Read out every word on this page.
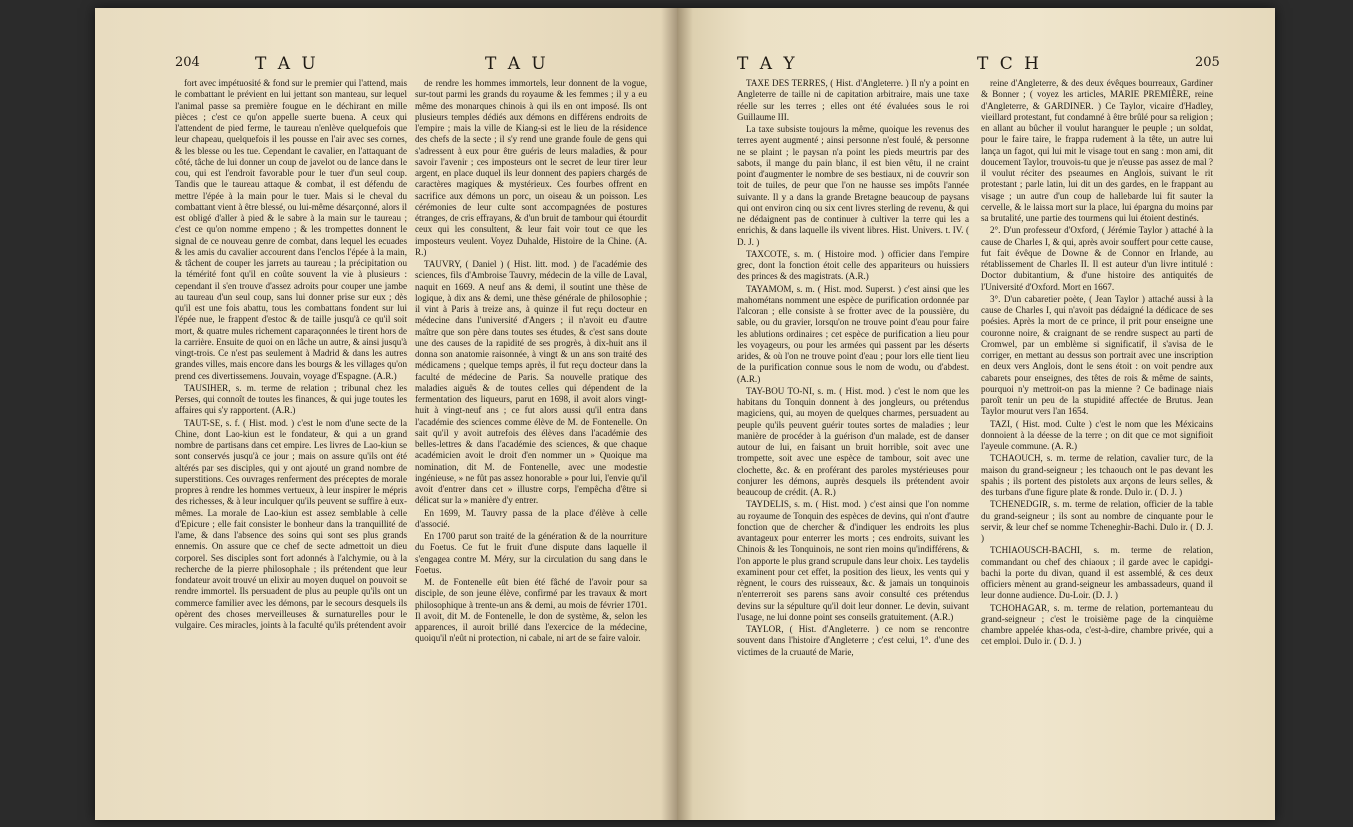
204	T A U	T A U

fort avec impétuosité & fond sur le premier qui l'attend, mais le combattant le prévient en lui jettant son manteau, sur lequel l'animal passe sa première fougue en le déchirant en mille pièces ; c'est ce qu'on appelle suerte buena. A ceux qui l'attendent de pied ferme, le taureau n'enlève quelquefois que leur chapeau, quelquefois il les pousse en l'air avec ses cornes, & les blesse ou les tue. Cependant le cavalier, en l'attaquant de côté, tâche de lui donner un coup de javelot ou de lance dans le cou, qui est l'endroit favorable pour le tuer d'un seul coup. Tandis que le taureau attaque & combat, il est défendu de mettre l'épée à la main pour le tuer. Mais si le cheval du combattant vient à être blessé, ou lui-même désarçonné, alors il est obligé d'aller à pied & le sabre à la main sur le taureau ; c'est ce qu'on nomme empeno ; & les trompettes donnent le signal de ce nouveau genre de combat, dans lequel les ecuades & les amis du cavalier accourent dans l'enclos l'épée à la main, & tâchent de couper les jarrets au taureau ; la précipitation ou la témérité font qu'il en coûte souvent la vie à plusieurs : cependant il s'en trouve d'assez adroits pour couper une jambe au taureau d'un seul coup, sans lui donner prise sur eux ; dès qu'il est une fois abattu, tous les combattans fondent sur lui l'épée nue, le frappent d'estoc & de taille jusqu'à ce qu'il soit mort, & quatre mules richement caparaçonnées le tirent hors de la carrière. Ensuite de quoi on en lâche un autre, & ainsi jusqu'à vingt-trois. Ce n'est pas seulement à Madrid & dans les autres grandes villes, mais encore dans les bourgs & les villages qu'on prend ces divertissemens. Jouvain, voyage d'Espagne. (A.R.)

TAUSIHER, s. m. terme de relation ; tribunal chez les Perses, qui connoît de toutes les finances, & qui juge toutes les affaires qui s'y rapportent. (A.R.)

TAUT-SE, s. f. ( Hist. mod. ) c'est le nom d'une secte de la Chine, dont Lao-kiun est le fondateur, & qui a un grand nombre de partisans dans cet empire. Les livres de Lao-kiun se sont conservés jusqu'à ce jour ; mais on assure qu'ils ont été altérés par ses disciples, qui y ont ajouté un grand nombre de superstitions. Ces ouvrages renferment des préceptes de morale propres à rendre les hommes vertueux, à leur inspirer le mépris des richesses, & à leur inculquer qu'ils peuvent se suffire à eux-mêmes. La morale de Lao-kiun est assez semblable à celle d'Epicure ; elle fait consister le bonheur dans la tranquillité de l'ame, & dans l'absence des soins qui sont ses plus grands ennemis. On assure que ce chef de secte admettoit un dieu corporel. Ses disciples sont fort adonnés à l'alchymie, ou à la recherche de la pierre philosophale ; ils prétendent que leur fondateur avoit trouvé un elixir au moyen duquel on pouvoit se rendre immortel. Ils persuadent de plus au peuple qu'ils ont un commerce familier avec les démons, par le secours desquels ils opèrent des choses merveilleuses & surnaturelles pour le vulgaire. Ces miracles, joints à la faculté qu'ils prétendent avoir

de rendre les hommes immortels, leur donnent de la vogue, sur-tout parmi les grands du royaume & les femmes ; il y a eu même des monarques chinois à qui ils en ont imposé. Ils ont plusieurs temples dédiés aux démons en différens endroits de l'empire ; mais la ville de Kiang-si est le lieu de la résidence des chefs de la secte ; il s'y rend une grande foule de gens qui s'adressent à eux pour être guéris de leurs maladies, & pour savoir l'avenir ; ces imposteurs ont le secret de leur tirer leur argent, en place duquel ils leur donnent des papiers chargés de caractères magiques & mystérieux. Ces fourbes offrent en sacrifice aux démons un porc, un oiseau & un poisson. Les cérémonies de leur culte sont accompagnées de postures étranges, de cris effrayans, & d'un bruit de tambour qui étourdit ceux qui les consultent, & leur fait voir tout ce que les imposteurs veulent. Voyez Duhalde, Histoire de la Chine. (A. R.)

TAUVRY, ( Daniel ) ( Hist. litt. mod. ) de l'académie des sciences, fils d'Ambroise Tauvry, médecin de la ville de Laval, naquit en 1669. A neuf ans & demi, il soutint une thèse de logique, à dix ans & demi, une thèse générale de philosophie ; il vint à Paris à treize ans, à quinze il fut reçu docteur en médecine dans l'université d'Angers ; il n'avoit eu d'autre maître que son père dans toutes ses études, & c'est sans doute une des causes de la rapidité de ses progrès, à dix-huit ans il donna son anatomie raisonnée, à vingt & un ans son traité des médicamens ; quelque temps après, il fut reçu docteur dans la faculté de médecine de Paris. Sa nouvelle pratique des maladies aiguës & de toutes celles qui dépendent de la fermentation des liqueurs, parut en 1698, il avoit alors vingt-huit à vingt-neuf ans ; ce fut alors aussi qu'il entra dans l'académie des sciences comme élève de M. de Fontenelle. On sait qu'il y avoit autrefois des élèves dans l'académie des belles-lettres & dans l'académie des sciences, & que chaque académicien avoit le droit d'en nommer un » Quoique ma nomination, dit M. de Fontenelle, avec une modestie ingénieuse, » ne fût pas assez honorable » pour lui, l'envie qu'il avoit d'entrer dans cet » illustre corps, l'empêcha d'être si délicat sur la » manière d'y entrer.

En 1699, M. Tauvry passa de la place d'élève à celle d'associé.

En 1700 parut son traité de la génération & de la nourriture du Foetus. Ce fut le fruit d'une dispute dans laquelle il s'engagea contre M. Méry, sur la circulation du sang dans le Foetus.

M. de Fontenelle eût bien été fâché de l'avoir pour sa disciple, de son jeune élève, confirmé par les travaux & mort philosophique à trente-un ans & demi, au mois de février 1701. Il avoit, dit M. de Fontenelle, le don de système, &, selon les apparences, il auroit brillé dans l'exercice de la médecine, quoiqu'il n'eût ni protection, ni cabale, ni art de se faire valoir.

T A Y	T C H	205

TAXE DES TERRES, ( Hist. d'Angleterre. ) Il n'y a point en Angleterre de taille ni de capitation arbitraire, mais une taxe réelle sur les terres ; elles ont été évaluées sous le roi Guillaume III.

La taxe subsiste toujours la même, quoique les revenus des terres ayent augmenté ; ainsi personne n'est foulé, & personne ne se plaint ; le paysan n'a point les pieds meurtris par des sabots, il mange du pain blanc, il est bien vêtu, il ne craint point d'augmenter le nombre de ses bestiaux, ni de couvrir son toit de tuiles, de peur que l'on ne hausse ses impôts l'année suivante. Il y a dans la grande Bretagne beaucoup de paysans qui ont environ cinq ou six cent livres sterling de revenu, & qui ne dédaignent pas de continuer à cultiver la terre qui les a enrichis, & dans laquelle ils vivent libres. Hist. Univers. t. IV. ( D. J. )

TAXCOTE, s. m. ( Histoire mod. ) officier dans l'empire grec, dont la fonction étoit celle des appariteurs ou huissiers des princes & des magistrats. (A.R.)

TAYAMOM, s. m. ( Hist. mod. Superst. ) c'est ainsi que les mahométans nomment une espèce de purification ordonnée par l'alcoran ; elle consiste à se frotter avec de la poussière, du sable, ou du gravier, lorsqu'on ne trouve point d'eau pour faire les ablutions ordinaires ; cet espèce de purification a lieu pour les voyageurs, ou pour les armées qui passent par les déserts arides, & où l'on ne trouve point d'eau ; pour lors elle tient lieu de la purification connue sous le nom de wodu, ou d'abdest. (A.R.)

TAY-BOU TO-NI, s. m. ( Hist. mod. ) c'est le nom que les habitans du Tonquin donnent à des jongleurs, ou prétendus magiciens, qui, au moyen de quelques charmes, persuadent au peuple qu'ils peuvent guérir toutes sortes de maladies ; leur manière de procéder à la guérison d'un malade, est de danser autour de lui, en faisant un bruit horrible, soit avec une trompette, soit avec une espèce de tambour, soit avec une clochette, &c. & en proférant des paroles mystérieuses pour conjurer les démons, auprès desquels ils prétendent avoir beaucoup de crédit. (A. R.)

TAYDELIS, s. m. ( Hist. mod. ) c'est ainsi que l'on nomme au royaume de Tonquin des espèces de devins, qui n'ont d'autre fonction que de chercher & d'indiquer les endroits les plus avantageux pour enterrer les morts ; ces endroits, suivant les Chinois & les Tonquinois, ne sont rien moins qu'indifférens, & l'on apporte le plus grand scrupule dans leur choix. Les taydelis examinent pour cet effet, la position des lieux, les vents qui y règnent, le cours des ruisseaux, &c. & jamais un tonquinois n'enterreroit ses parens sans avoir consulté ces prétendus devins sur la sépulture qu'il doit leur donner. Le devin, suivant l'usage, ne lui donne point ses conseils gratuitement. (A.R.)

TAYLOR, ( Hist. d'Angleterre. ) ce nom se rencontre souvent dans l'histoire d'Angleterre ; c'est celui, 1°. d'une des victimes de la cruauté de Marie,

reine d'Angleterre, & des deux évêques bourreaux, Gardiner & Bonner ; ( voyez les articles, MARIE PREMIÈRE, reine d'Angleterre, & GARDINER. ) Ce Taylor, vicaire d'Hadley, vieillard protestant, fut condamné à être brûlé pour sa religion ; en allant au bûcher il voulut haranguer le peuple ; un soldat, pour le faire taire, le frappa rudement à la tête, un autre lui lança un fagot, qui lui mit le visage tout en sang : mon ami, dit doucement Taylor, trouvois-tu que je n'eusse pas assez de mal ? il voulut réciter des pseaumes en Anglois, suivant le rit protestant ; parle latin, lui dit un des gardes, en le frappant au visage ; un autre d'un coup de hallebarde lui fit sauter la cervelle, & le laissa mort sur la place, lui épargna du moins par sa brutalité, une partie des tourmens qui lui étoient destinés.

2°. D'un professeur d'Oxford, ( Jérémie Taylor ) attaché à la cause de Charles I, & qui, après avoir souffert pour cette cause, fut fait évêque de Downe & de Connor en Irlande, au rétablissement de Charles II. Il est auteur d'un livre intitulé : Doctor dubitantium, & d'une histoire des antiquités de l'Université d'Oxford. Mort en 1667.

3°. D'un cabaretier poète, ( Jean Taylor ) attaché aussi à la cause de Charles I, qui n'avoit pas dédaigné la dédicace de ses poésies. Après la mort de ce prince, il prit pour enseigne une couronne noire, & craignant de se rendre suspect au parti de Cromwel, par un emblème si significatif, il s'avisa de le corriger, en mettant au dessus son portrait avec une inscription en deux vers Anglois, dont le sens étoit : on voit pendre aux cabarets pour enseignes, des têtes de rois & même de saints, pourquoi n'y mettroit-on pas la mienne ? Ce badinage niais paroît tenir un peu de la stupidité affectée de Brutus. Jean Taylor mourut vers l'an 1654.

TAZI, ( Hist. mod. Culte ) c'est le nom que les Méxicains donnoient à la déesse de la terre ; on dit que ce mot signifioit l'ayeule commune. (A. R.)

TCHAOUCH, s. m. terme de relation, cavalier turc, de la maison du grand-seigneur ; les tchaouch ont le pas devant les spahis ; ils portent des pistolets aux arçons de leurs selles, & des turbans d'une figure plate & ronde. Dulo ir. ( D. J. )

TCHENEDGIR, s. m. terme de relation, officier de la table du grand-seigneur ; ils sont au nombre de cinquante pour le servir, & leur chef se nomme Tcheneghir-Bachi. Dulo ir. ( D. J. )

TCHIAOUSCH-BACHI, s. m. terme de relation, commandant ou chef des chiaoux ; il garde avec le capidgi-bachi la porte du divan, quand il est assemblé, & ces deux officiers mènent au grand-seigneur les ambassadeurs, quand il leur donne audience. Du-Loir. (D. J. )

TCHOHAGAR, s. m. terme de relation, portemanteau du grand-seigneur ; c'est le troisième page de la cinquième chambre appelée khas-oda, c'est-à-dire, chambre privée, qui a cet emploi. Dulo ir. ( D. J. )
